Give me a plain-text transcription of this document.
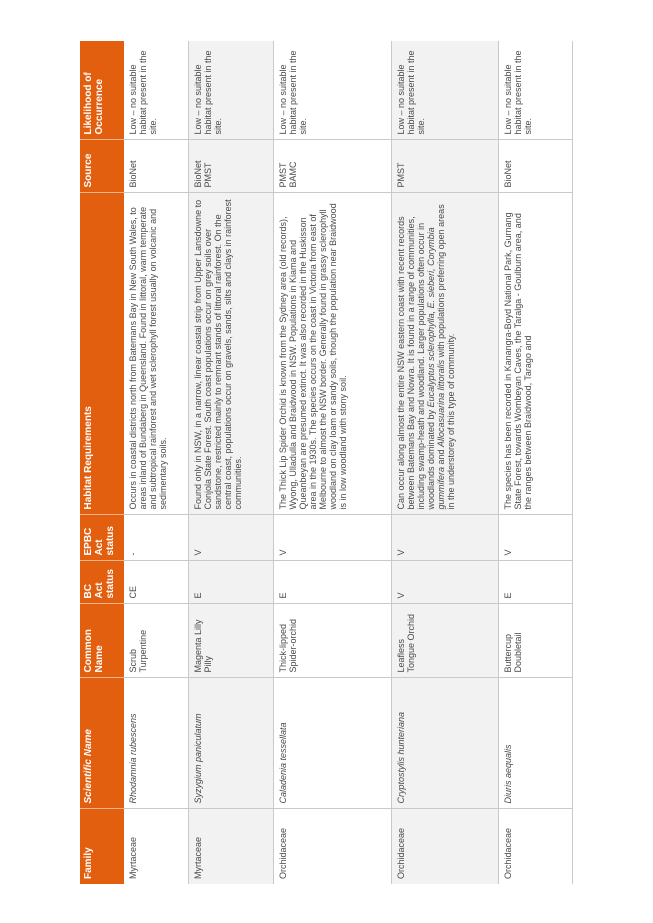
Family	Scientific Name	Common Name	BC Act status	EPBC Act status	Habitat Requirements	Source	Likelihood of Occurrence
Myrtaceae	Rhodamnia rubescens	Scrub Turpentine	CE	-	Occurs in coastal districts north from Batemans Bay in New South Wales, to areas inland of Bundaberg in Queensland. Found in littoral, warm temperate and subtropical rainforest and wet sclerophyll forest usually on volcanic and sedimentary soils.	BioNet	Low – no suitable habitat present in the site.
Myrtaceae	Syzygium paniculatum	Magenta Lilly Pilly	E	V	Found only in NSW, in a narrow, linear coastal strip from Upper Lansdowne to Conjola State Forest. South coast populations occur on grey soils over sandstone, restricted mainly to remnant stands of littoral rainforest. On the central coast, populations occur on gravels, sands, silts and clays in rainforest communities.	BioNet PMST	Low – no suitable habitat present in the site.
Orchidaceae	Caladenia tessellata	Thick-lipped Spider-orchid	E	V	The Thick Lip Spider Orchid is known from the Sydney area (old records), Wyong, Ulladulla and Braidwood in NSW. Populations in Kiama and Queanbeyan are presumed extinct. It was also recorded in the Huskisson area in the 1930s. The species occurs on the coast in Victoria from east of Melbourne to almost the NSW border. Generally found in grassy sclerophyll woodland on clay loam or sandy soils, though the population near Braidwood is in low woodland with stony soil.	PMST BAMC	Low – no suitable habitat present in the site.
Orchidaceae	Cryptostylis hunteriana	Leafless Tongue Orchid	V	V	Can occur along almost the entire NSW eastern coast with recent records between Batemans Bay and Nowra. It is found in a range of communities, including swamp-heath and woodland. Larger populations often occur in woodlands dominated by Eucalyptus sclerophylla, E. sieberi, Corymbia gummifera and Allocasuarina littoralis with populations preferring open areas in the understorey of this type of community.	PMST	Low – no suitable habitat present in the site.
Orchidaceae	Diuris aequalis	Buttercup Doubletail	E	V	The species has been recorded in Kanangra-Boyd National Park, Gurnang State Forest, towards Wombeyan Caves, the Taralga - Goulburn area, and the ranges between Braidwood, Tarago and	BioNet	Low – no suitable habitat present in the site.
